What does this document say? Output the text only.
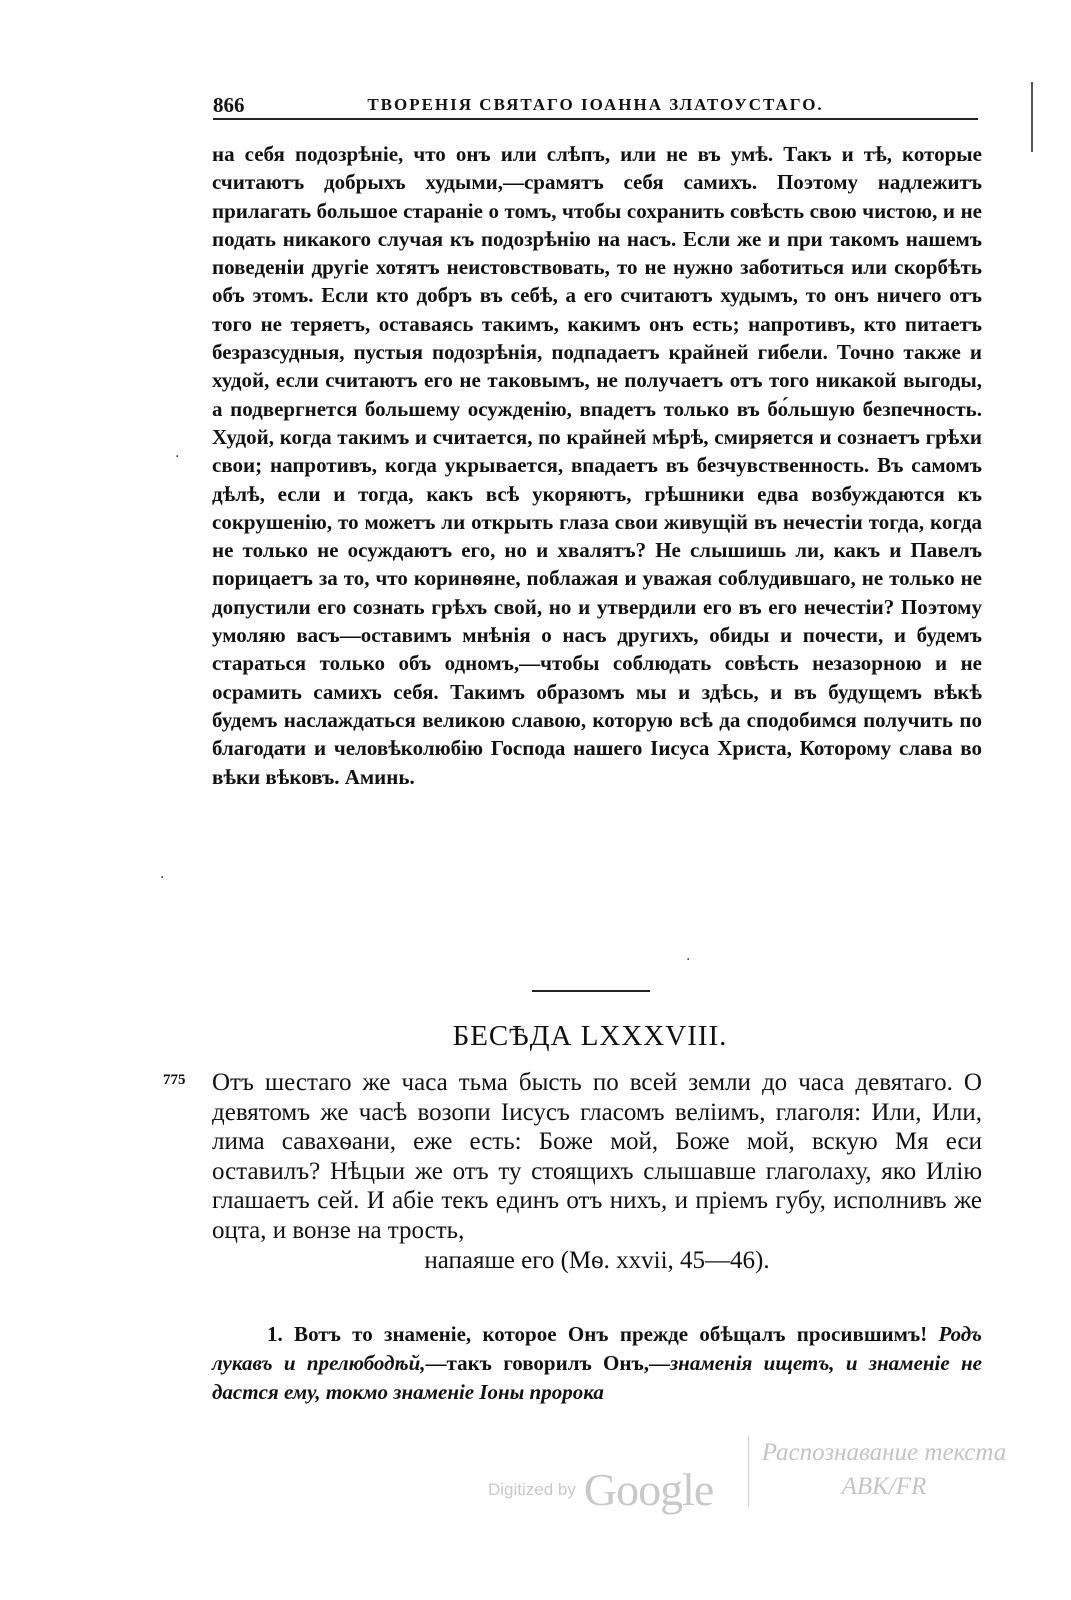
866	ТВОРЕНІЯ СВЯТАГО ІОАННА ЗЛАТОУСТАГО.
на себя подозрѣніе, что онъ или слѣпъ, или не въ умѣ. Такъ и тѣ, которые считаютъ добрыхъ худыми,—срамятъ себя самихъ. Поэтому надлежитъ прилагать большое стараніе о томъ, чтобы сохранить совѣсть свою чистою, и не подать никакого случая къ подозрѣнію на насъ. Если же и при такомъ нашемъ поведеніи другіе хотятъ неистовствовать, то не нужно заботиться или скорбѣть объ этомъ. Если кто добръ въ себѣ, а его считаютъ худымъ, то онъ ничего отъ того не теряетъ, оставаясь такимъ, какимъ онъ есть; напротивъ, кто питаетъ безразсудныя, пустыя подозрѣнія, подпадаетъ крайней гибели. Точно также и худой, если считаютъ его не таковымъ, не получаетъ отъ того никакой выгоды, а подвергнется большему осужденію, впадетъ только въ бо́льшую безпечность. Худой, когда такимъ и считается, по крайней мѣрѣ, смиряется и сознаетъ грѣхи свои; напротивъ, когда укрывается, впадаетъ въ безчувственность. Въ самомъ дѣлѣ, если и тогда, какъ всѣ укоряютъ, грѣшники едва возбуждаются къ сокрушенію, то можетъ ли открыть глаза свои живущій въ нечестіи тогда, когда не только не осуждаютъ его, но и хвалятъ? Не слышишь ли, какъ и Павелъ порицаетъ за то, что коринѳяне, поблажая и уважая соблудившаго, не только не допустили его сознать грѣхъ свой, но и утвердили его въ его нечестіи? Поэтому умоляю васъ—оставимъ мнѣнія о насъ другихъ, обиды и почести, и будемъ стараться только объ одномъ,—чтобы соблюдать совѣсть незазорною и не осрамить самихъ себя. Такимъ образомъ мы и здѣсь, и въ будущемъ вѣкѣ будемъ наслаждаться великою славою, которую всѣ да сподобимся получить по благодати и человѣколюбію Господа нашего Іисуса Христа, Которому слава во вѣки вѣковъ. Аминь.
·
·
·
БЕСѢДА LXXXVIII.
775 Отъ шестаго же часа тьма бысть по всей земли до часа девятаго. О девятомъ же часѣ возопи Іисусъ гласомъ веліимъ, глаголя: Или, Или, лима савахѳани, еже есть: Боже мой, Боже мой, вскую Мя еси оставилъ? Нѣцыи же отъ ту стоящихъ слышавше глаголаху, яко Илію глашаетъ сей. И абіе текъ единъ отъ нихъ, и пріемъ губу, исполнивъ же оцта, и вонзе на трость,
напаяше его (Мѳ. xxvii, 45—46).
1. Вотъ то знаменіе, которое Онъ прежде обѣщалъ просившимъ! Родъ лукавъ и прелюбодѣй,—такъ говорилъ Онъ,—знаменія ищетъ, и знаменіе не дастся ему, токмо знаменіе Іоны пророка
Digitized by Google
Распознавание текста
ABK/FR
